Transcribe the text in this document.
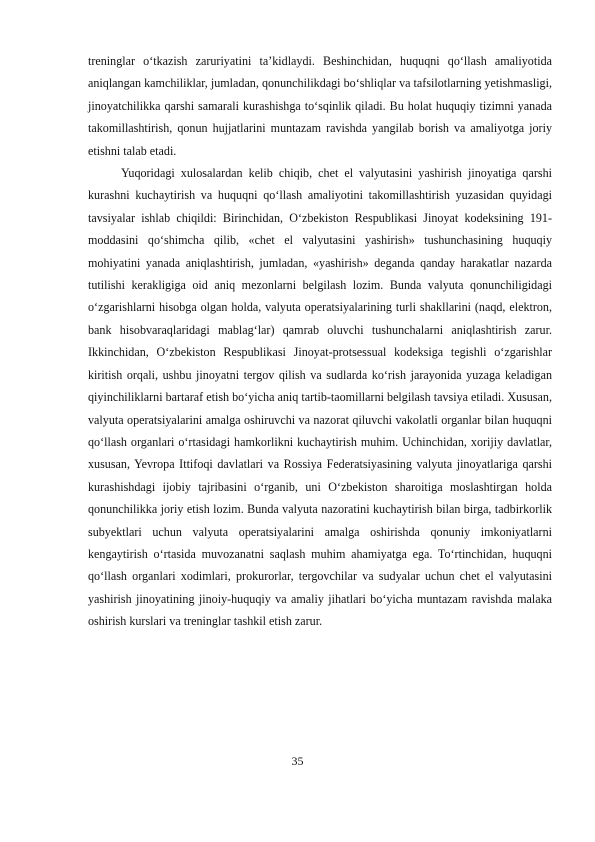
treninglar o‘tkazish zaruriyatini ta’kidlaydi. Beshinchidan, huquqni qo‘llash amaliyotida aniqlangan kamchiliklar, jumladan, qonunchilikdagi bo‘shliqlar va tafsilotlarning yetishmasligi, jinoyatchilikka qarshi samarali kurashishga to‘sqinlik qiladi. Bu holat huquqiy tizimni yanada takomillashtirish, qonun hujjatlarini muntazam ravishda yangilab borish va amaliyotga joriy etishni talab etadi.

Yuqoridagi xulosalardan kelib chiqib, chet el valyutasini yashirish jinoyatiga qarshi kurashni kuchaytirish va huquqni qo‘llash amaliyotini takomillashtirish yuzasidan quyidagi tavsiyalar ishlab chiqildi: Birinchidan, O‘zbekiston Respublikasi Jinoyat kodeksining 191-moddasini qo‘shimcha qilib, «chet el valyutasini yashirish» tushunchasining huquqiy mohiyatini yanada aniqlashtirish, jumladan, «yashirish» deganda qanday harakatlar nazarda tutilishi kerakligiga oid aniq mezonlarni belgilash lozim. Bunda valyuta qonunchiligidagi o‘zgarishlarni hisobga olgan holda, valyuta operatsiyalarining turli shakllarini (naqd, elektron, bank hisobvaraqlaridagi mablag‘lar) qamrab oluvchi tushunchalarni aniqlashtirish zarur. Ikkinchidan, O‘zbekiston Respublikasi Jinoyat-protsessual kodeksiga tegishli o‘zgarishlar kiritish orqali, ushbu jinoyatni tergov qilish va sudlarda ko‘rish jarayonida yuzaga keladigan qiyinchiliklarni bartaraf etish bo‘yicha aniq tartib-taomillarni belgilash tavsiya etiladi. Xususan, valyuta operatsiyalarini amalga oshiruvchi va nazorat qiluvchi vakolatli organlar bilan huquqni qo‘llash organlari o‘rtasidagi hamkorlikni kuchaytirish muhim. Uchinchidan, xorijiy davlatlar, xususan, Yevropa Ittifoqi davlatlari va Rossiya Federatsiyasining valyuta jinoyatlariga qarshi kurashishdagi ijobiy tajribasini o‘rganib, uni O‘zbekiston sharoitiga moslashtirgan holda qonunchilikka joriy etish lozim. Bunda valyuta nazoratini kuchaytirish bilan birga, tadbirkorlik subyektlari uchun valyuta operatsiyalarini amalga oshirishda qonuniy imkoniyatlarni kengaytirish o‘rtasida muvozanatni saqlash muhim ahamiyatga ega. To‘rtinchidan, huquqni qo‘llash organlari xodimlari, prokurorlar, tergovchilar va sudyalar uchun chet el valyutasini yashirish jinoyatining jinoiy-huquqiy va amaliy jihatlari bo‘yicha muntazam ravishda malaka oshirish kurslari va treninglar tashkil etish zarur.

35
